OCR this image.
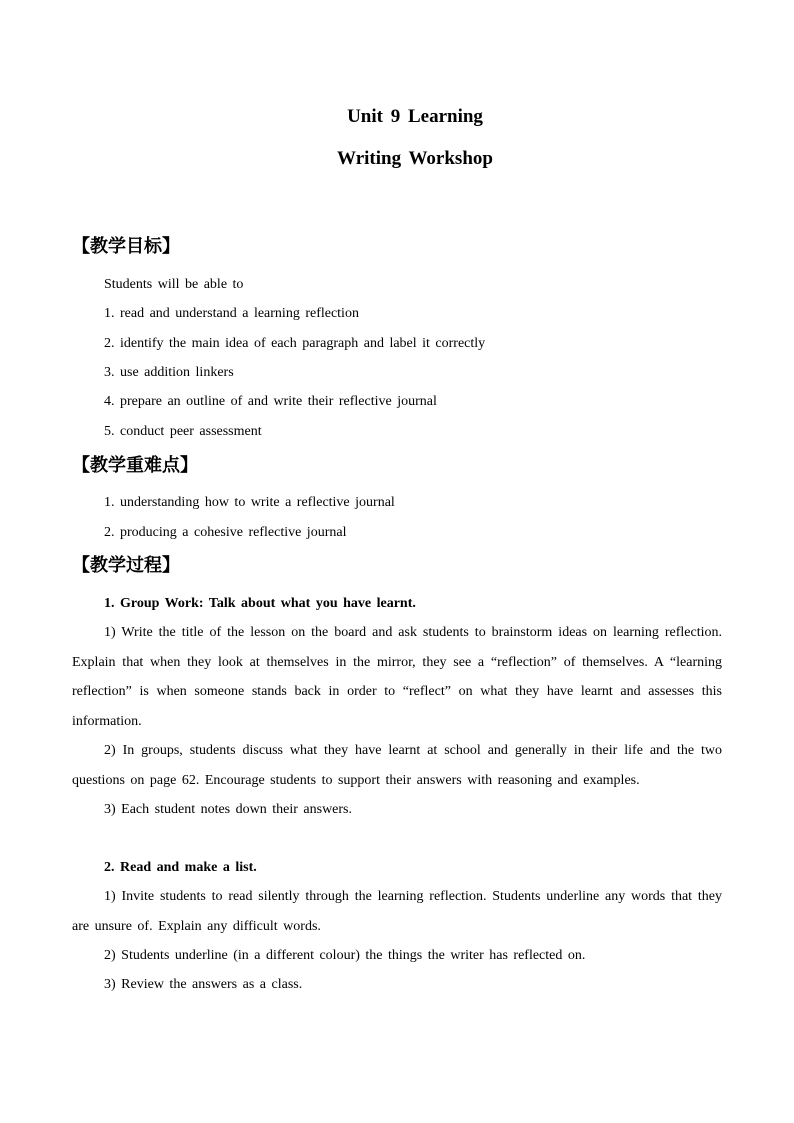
Unit 9 Learning
Writing Workshop
【教学目标】
Students will be able to
1. read and understand a learning reflection
2. identify the main idea of each paragraph and label it correctly
3. use addition linkers
4. prepare an outline of and write their reflective journal
5. conduct peer assessment
【教学重难点】
1. understanding how to write a reflective journal
2. producing a cohesive reflective journal
【教学过程】
1. Group Work: Talk about what you have learnt.
1) Write the title of the lesson on the board and ask students to brainstorm ideas on learning reflection. Explain that when they look at themselves in the mirror, they see a “reflection” of themselves. A “learning reflection” is when someone stands back in order to “reflect” on what they have learnt and assesses this information.
2) In groups, students discuss what they have learnt at school and generally in their life and the two questions on page 62. Encourage students to support their answers with reasoning and examples.
3) Each student notes down their answers.
2. Read and make a list.
1) Invite students to read silently through the learning reflection. Students underline any words that they are unsure of. Explain any difficult words.
2) Students underline (in a different colour) the things the writer has reflected on.
3) Review the answers as a class.
